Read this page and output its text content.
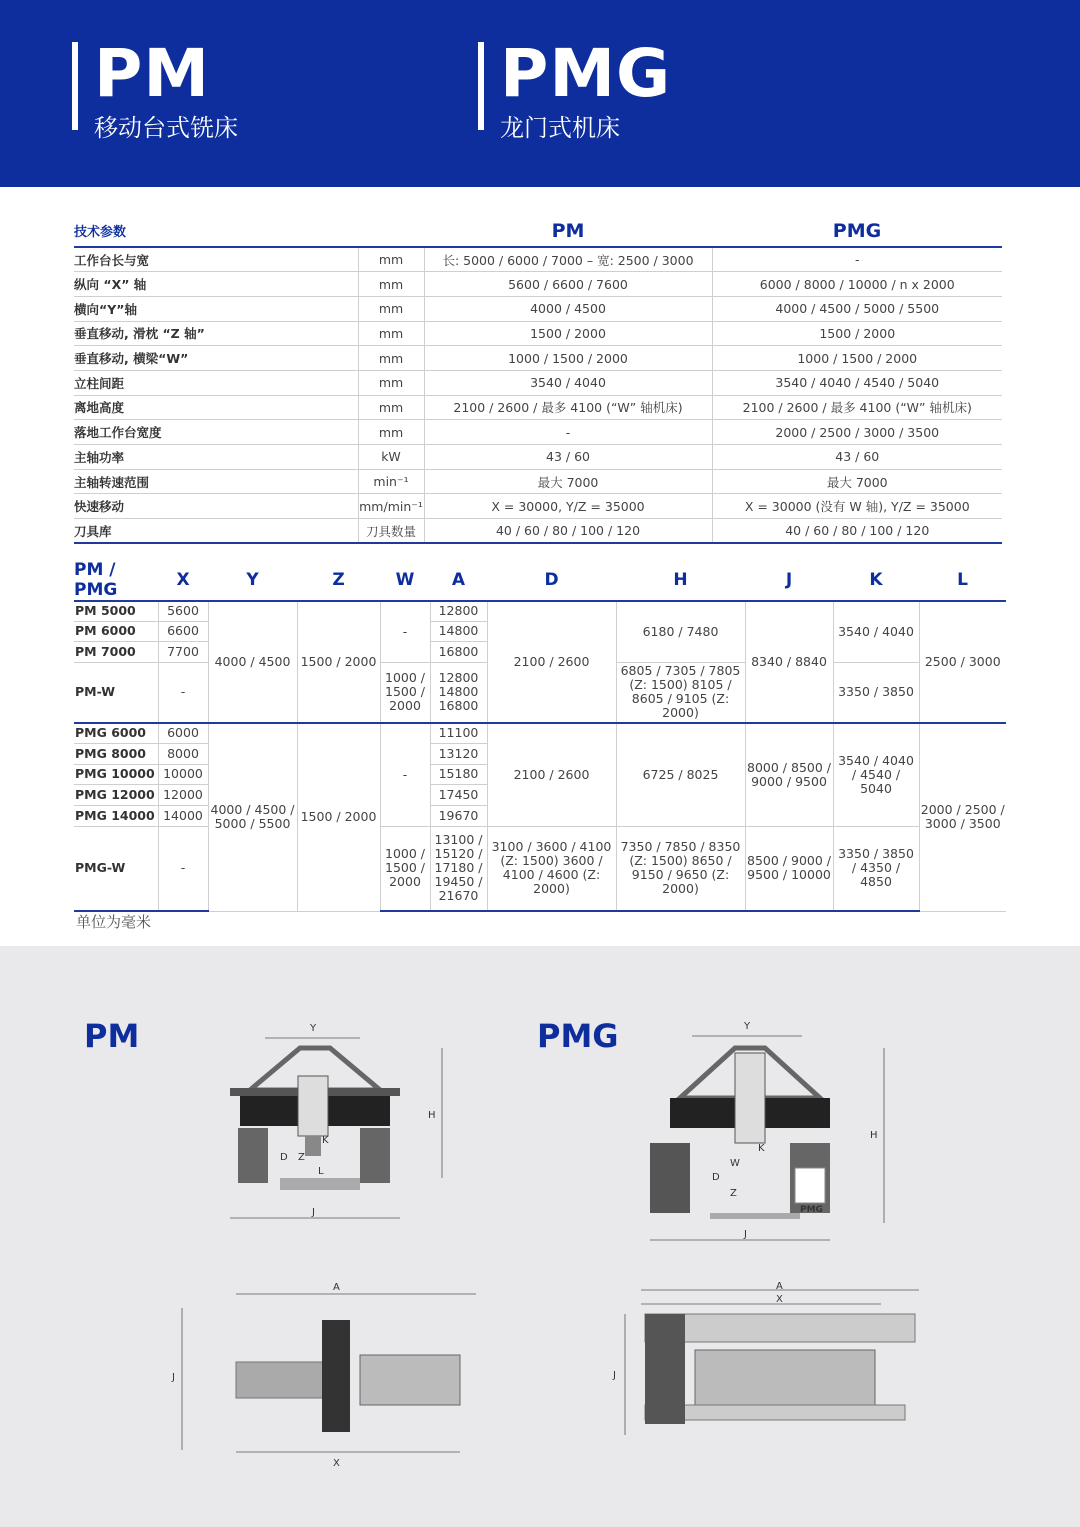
PM
移动台式铣床
PMG
龙门式机床
技术参数		PM	PMG
工作台长与宽	mm	长: 5000 / 6000 / 7000 – 宽: 2500 / 3000	-
纵向 “X” 轴	mm	5600 / 6600 / 7600	6000 / 8000 / 10000 / n x 2000
横向“Y”轴	mm	4000 / 4500	4000 / 4500 / 5000 / 5500
垂直移动, 滑枕 “Z 轴”	mm	1500 / 2000	1500 / 2000
垂直移动, 横梁“W”	mm	1000 / 1500 / 2000	1000 / 1500 / 2000
立柱间距	mm	3540 / 4040	3540 / 4040 / 4540 / 5040
离地高度	mm	2100 / 2600 / 最多 4100 (“W” 轴机床)	2100 / 2600 / 最多 4100 (“W” 轴机床)
落地工作台宽度	mm	-	2000 / 2500 / 3000 / 3500
主轴功率	kW	43 / 60	43 / 60
主轴转速范围	min⁻¹	最大 7000	最大 7000
快速移动	mm/min⁻¹	X = 30000, Y/Z = 35000	X = 30000 (没有 W 轴), Y/Z = 35000
刀具库	刀具数量	40 / 60 / 80 / 100 / 120	40 / 60 / 80 / 100 / 120
PM / PMG	X	Y	Z	W	A	D	H	J	K	L
PM 5000	5600	4000 / 4500	1500 / 2000	-	12800	2100 / 2600	6180 / 7480	8340 / 8840	3540 / 4040	2500 / 3000
PM 6000	6600				14800					
PM 7000	7700				16800					
PM-W	-			1000 / 1500 / 2000	12800 14800 16800		6805 / 7305 / 7805 (Z: 1500) 8105 / 8605 / 9105 (Z: 2000)		3350 / 3850	
PMG 6000	6000	4000 / 4500 / 5000 / 5500	1500 / 2000	-	11100	2100 / 2600	6725 / 8025	8000 / 8500 / 9000 / 9500	3540 / 4040 / 4540 / 5040	2000 / 2500 / 3000 / 3500
PMG 8000	8000				13120					
PMG 10000	10000				15180					
PMG 12000	12000				17450					
PMG 14000	14000				19670					
PMG-W	-			1000 / 1500 / 2000	13100 / 15120 / 17180 / 19450 / 21670	3100 / 3600 / 4100 (Z: 1500) 3600 / 4100 / 4600 (Z: 2000)	7350 / 7850 / 8350 (Z: 1500) 8650 / 9150 / 9650 (Z: 2000)	8500 / 9000 / 9500 / 10000	3350 / 3850 / 4350 / 4850	
单位为毫米
PM	PMG
Y
H
K
Z
D
L
J
Y
PMG
H
K
W
D
Z
J
A
J
X
A
X
J
